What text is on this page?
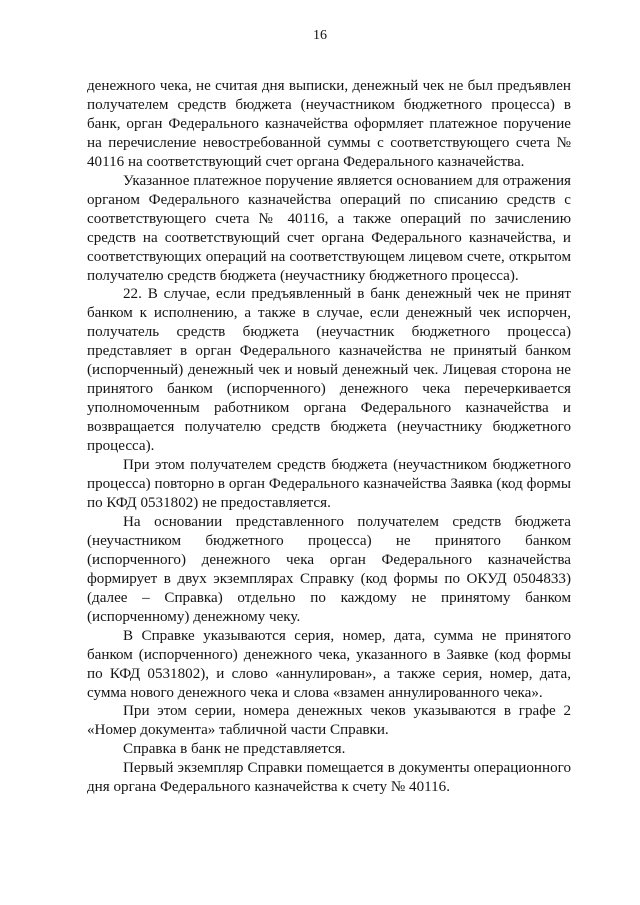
16

денежного чека, не считая дня выписки, денежный чек не был предъявлен получателем средств бюджета (неучастником бюджетного процесса) в банк, орган Федерального казначейства оформляет платежное поручение на перечисление невостребованной суммы с соответствующего счета № 40116 на соответствующий счет органа Федерального казначейства.

Указанное платежное поручение является основанием для отражения органом Федерального казначейства операций по списанию средств с соответствующего счета № 40116, а также операций по зачислению средств на соответствующий счет органа Федерального казначейства, и соответствующих операций на соответствующем лицевом счете, открытом получателю средств бюджета (неучастнику бюджетного процесса).

22. В случае, если предъявленный в банк денежный чек не принят банком к исполнению, а также в случае, если денежный чек испорчен, получатель средств бюджета (неучастник бюджетного процесса) представляет в орган Федерального казначейства не принятый банком (испорченный) денежный чек и новый денежный чек. Лицевая сторона не принятого банком (испорченного) денежного чека перечеркивается уполномоченным работником органа Федерального казначейства и возвращается получателю средств бюджета (неучастнику бюджетного процесса).

При этом получателем средств бюджета (неучастником бюджетного процесса) повторно в орган Федерального казначейства Заявка (код формы по КФД 0531802) не предоставляется.

На основании представленного получателем средств бюджета (неучастником бюджетного процесса) не принятого банком (испорченного) денежного чека орган Федерального казначейства формирует в двух экземплярах Справку (код формы по ОКУД 0504833) (далее – Справка) отдельно по каждому не принятому банком (испорченному) денежному чеку.

В Справке указываются серия, номер, дата, сумма не принятого банком (испорченного) денежного чека, указанного в Заявке (код формы по КФД 0531802), и слово «аннулирован», а также серия, номер, дата, сумма нового денежного чека и слова «взамен аннулированного чека».

При этом серии, номера денежных чеков указываются в графе 2 «Номер документа» табличной части Справки.

Справка в банк не представляется.

Первый экземпляр Справки помещается в документы операционного дня органа Федерального казначейства к счету № 40116.
